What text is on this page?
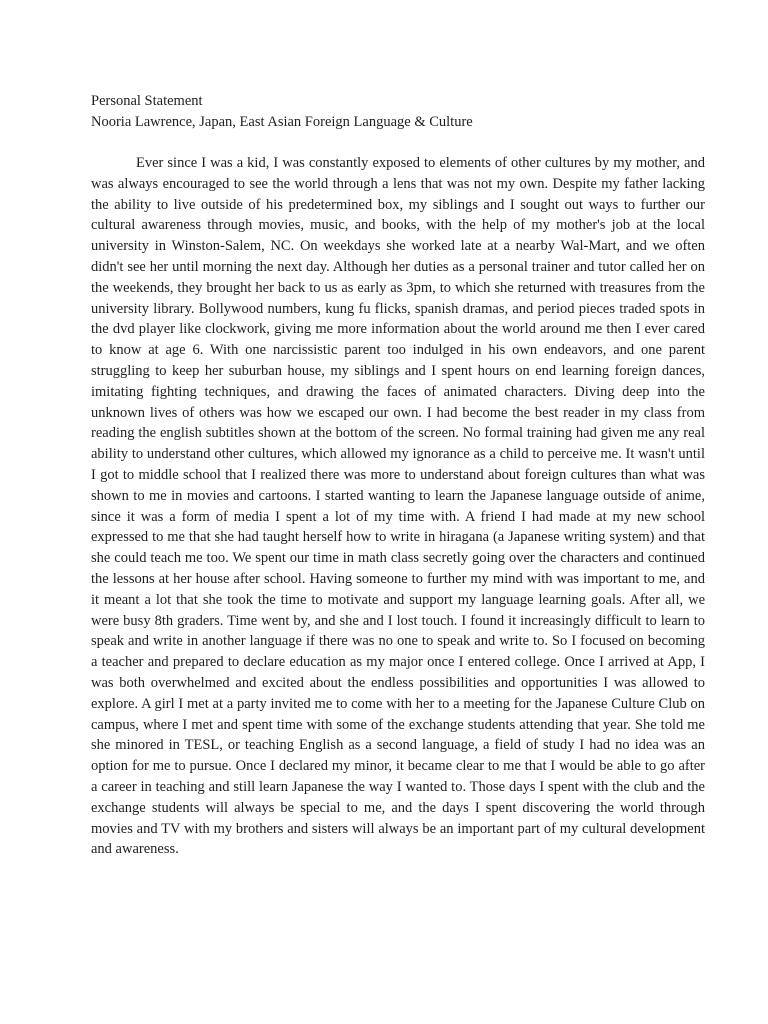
Personal Statement
Nooria Lawrence, Japan, East Asian Foreign Language & Culture

Ever since I was a kid, I was constantly exposed to elements of other cultures by my mother, and was always encouraged to see the world through a lens that was not my own. Despite my father lacking the ability to live outside of his predetermined box, my siblings and I sought out ways to further our cultural awareness through movies, music, and books, with the help of my mother's job at the local university in Winston-Salem, NC. On weekdays she worked late at a nearby Wal-Mart, and we often didn't see her until morning the next day. Although her duties as a personal trainer and tutor called her on the weekends, they brought her back to us as early as 3pm, to which she returned with treasures from the university library. Bollywood numbers, kung fu flicks, spanish dramas, and period pieces traded spots in the dvd player like clockwork, giving me more information about the world around me then I ever cared to know at age 6. With one narcissistic parent too indulged in his own endeavors, and one parent struggling to keep her suburban house, my siblings and I spent hours on end learning foreign dances, imitating fighting techniques, and drawing the faces of animated characters. Diving deep into the unknown lives of others was how we escaped our own. I had become the best reader in my class from reading the english subtitles shown at the bottom of the screen. No formal training had given me any real ability to understand other cultures, which allowed my ignorance as a child to perceive me. It wasn't until I got to middle school that I realized there was more to understand about foreign cultures than what was shown to me in movies and cartoons. I started wanting to learn the Japanese language outside of anime, since it was a form of media I spent a lot of my time with. A friend I had made at my new school expressed to me that she had taught herself how to write in hiragana (a Japanese writing system) and that she could teach me too. We spent our time in math class secretly going over the characters and continued the lessons at her house after school. Having someone to further my mind with was important to me, and it meant a lot that she took the time to motivate and support my language learning goals. After all, we were busy 8th graders. Time went by, and she and I lost touch. I found it increasingly difficult to learn to speak and write in another language if there was no one to speak and write to. So I focused on becoming a teacher and prepared to declare education as my major once I entered college. Once I arrived at App, I was both overwhelmed and excited about the endless possibilities and opportunities I was allowed to explore. A girl I met at a party invited me to come with her to a meeting for the Japanese Culture Club on campus, where I met and spent time with some of the exchange students attending that year. She told me she minored in TESL, or teaching English as a second language, a field of study I had no idea was an option for me to pursue. Once I declared my minor, it became clear to me that I would be able to go after a career in teaching and still learn Japanese the way I wanted to. Those days I spent with the club and the exchange students will always be special to me, and the days I spent discovering the world through movies and TV with my brothers and sisters will always be an important part of my cultural development and awareness.
